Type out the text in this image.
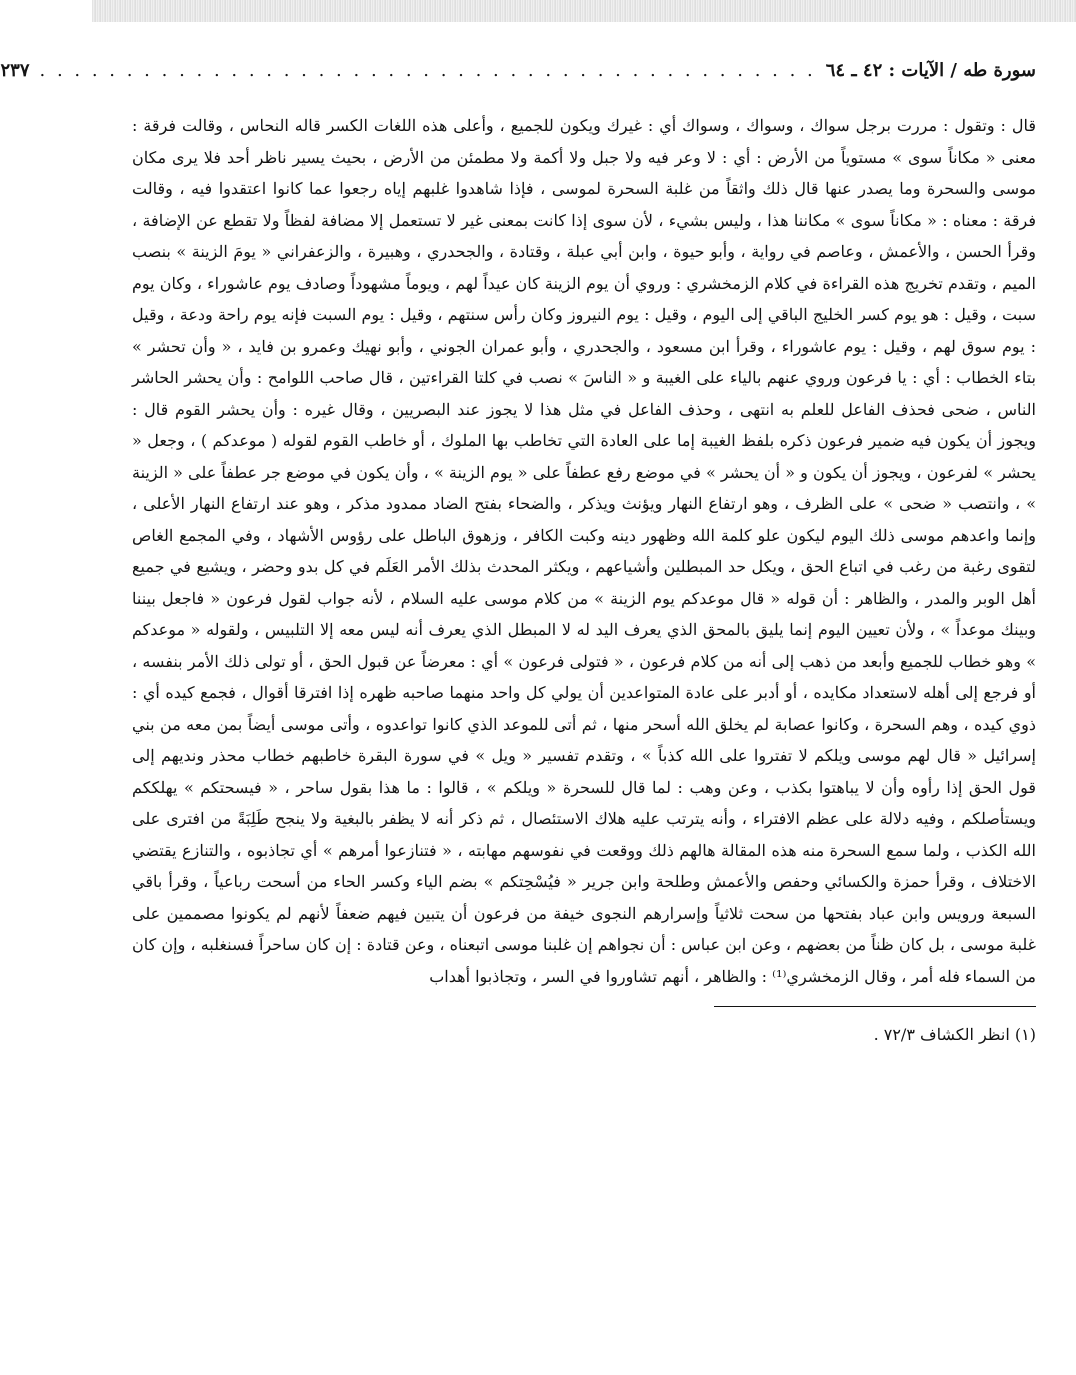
سورة طه / الآيات : ٤٢ ـ ٦٤
. . . . . . . . . . . . . . . . . . . . . . . . . . . . . . . . . . . . . . . . . . . . .
٢٣٧

قال : وتقول : مررت برجل سواك ، وسواك ، وسواك أي : غيرك ويكون للجميع ، وأعلى هذه اللغات الكسر قاله النحاس ، وقالت فرقة : معنى « مكاناً سوى » مستوياً من الأرض : أي : لا وعر فيه ولا جبل ولا أكمة ولا مطمئن من الأرض ، بحيث يسير ناظر أحد فلا يرى مكان موسى والسحرة وما يصدر عنها قال ذلك واثقاً من غلبة السحرة لموسى ، فإذا شاهدوا غلبهم إياه رجعوا عما كانوا اعتقدوا فيه ، وقالت فرقة : معناه : « مكاناً سوى » مكاننا هذا ، وليس بشيء ، لأن سوى إذا كانت بمعنى غير لا تستعمل إلا مضافة لفظاً ولا تقطع عن الإضافة ، وقرأ الحسن ، والأعمش ، وعاصم في رواية ، وأبو حيوة ، وابن أبي عبلة ، وقتادة ، والجحدري ، وهبيرة ، والزعفراني « يومَ الزينة » بنصب الميم ، وتقدم تخريج هذه القراءة في كلام الزمخشري : وروي أن يوم الزينة كان عيداً لهم ، ويوماً مشهوداً وصادف يوم عاشوراء ، وكان يوم سبت ، وقيل : هو يوم كسر الخليج الباقي إلى اليوم ، وقيل : يوم النيروز وكان رأس سنتهم ، وقيل : يوم السبت فإنه يوم راحة ودعة ، وقيل : يوم سوق لهم ، وقيل : يوم عاشوراء ، وقرأ ابن مسعود ، والجحدري ، وأبو عمران الجوني ، وأبو نهيك وعمرو بن فايد ، « وأن تحشر » بتاء الخطاب : أي : يا فرعون وروي عنهم بالياء على الغيبة و « الناسَ » نصب في كلتا القراءتين ، قال صاحب اللوامح : وأن يحشر الحاشر الناس ، ضحى فحذف الفاعل للعلم به انتهى ، وحذف الفاعل في مثل هذا لا يجوز عند البصريين ، وقال غيره : وأن يحشر القوم قال : ويجوز أن يكون فيه ضمير فرعون ذكره بلفظ الغيبة إما على العادة التي تخاطب بها الملوك ، أو خاطب القوم لقوله ( موعدكم ) ، وجعل « يحشر » لفرعون ، ويجوز أن يكون و « أن يحشر » في موضع رفع عطفاً على « يوم الزينة » ، وأن يكون في موضع جر عطفاً على « الزينة » ، وانتصب « ضحى » على الظرف ، وهو ارتفاع النهار ويؤنث ويذكر ، والضحاء بفتح الضاد ممدود مذكر ، وهو عند ارتفاع النهار الأعلى ، وإنما واعدهم موسى ذلك اليوم ليكون علو كلمة الله وظهور دينه وكبت الكافر ، وزهوق الباطل على رؤوس الأشهاد ، وفي المجمع الغاص لتقوى رغبة من رغب في اتباع الحق ، ويكل حد المبطلين وأشياعهم ، ويكثر المحدث بذلك الأمر العَلَم في كل بدو وحضر ، ويشيع في جميع أهل الوبر والمدر ، والظاهر : أن قوله « قال موعدكم يوم الزينة » من كلام موسى عليه السلام ، لأنه جواب لقول فرعون « فاجعل بيننا وبينك موعداً » ، ولأن تعيين اليوم إنما يليق بالمحق الذي يعرف اليد له لا المبطل الذي يعرف أنه ليس معه إلا التلبيس ، ولقوله « موعدكم » وهو خطاب للجميع وأبعد من ذهب إلى أنه من كلام فرعون ، « فتولى فرعون » أي : معرضاً عن قبول الحق ، أو تولى ذلك الأمر بنفسه ، أو فرجع إلى أهله لاستعداد مكايده ، أو أدبر على عادة المتواعدين أن يولي كل واحد منهما صاحبه ظهره إذا افترقا أقوال ، فجمع كيده أي : ذوي كيده ، وهم السحرة ، وكانوا عصابة لم يخلق الله أسحر منها ، ثم أتى للموعد الذي كانوا تواعدوه ، وأتى موسى أيضاً بمن معه من بني إسرائيل « قال لهم موسى ويلكم لا تفتروا على الله كذباً » ، وتقدم تفسير « ويل » في سورة البقرة خاطبهم خطاب محذر ونديهم إلى قول الحق إذا رأوه وأن لا يباهتوا بكذب ، وعن وهب : لما قال للسحرة « ويلكم » ، قالوا : ما هذا بقول ساحر ، « فيسحتكم » يهلككم ويستأصلكم ، وفيه دلالة على عظم الافتراء ، وأنه يترتب عليه هلاك الاستئصال ، ثم ذكر أنه لا يظفر بالبغية ولا ينجح طَلِبَةً من افترى على الله الكذب ، ولما سمع السحرة منه هذه المقالة هالهم ذلك ووقعت في نفوسهم مهابته ، « فتنازعوا أمرهم » أي تجاذبوه ، والتنازع يقتضي الاختلاف ، وقرأ حمزة والكسائي وحفص والأعمش وطلحة وابن جرير « فيُسْحِتكم » بضم الياء وكسر الحاء من أسحت رباعياً ، وقرأ باقي السبعة ورويس وابن عباد بفتحها من سحت ثلاثياً وإسرارهم النجوى خيفة من فرعون أن يتبين فيهم ضعفاً لأنهم لم يكونوا مصممين على غلبة موسى ، بل كان ظناً من بعضهم ، وعن ابن عباس : أن نجواهم إن غلبنا موسى اتبعناه ، وعن قتادة : إن كان ساحراً فسنغلبه ، وإن كان من السماء فله أمر ، وقال الزمخشري⁽¹⁾ : والظاهر ، أنهم تشاوروا في السر ، وتجاذبوا أهداب

(١) انظر الكشاف ٧٢/٣ .
